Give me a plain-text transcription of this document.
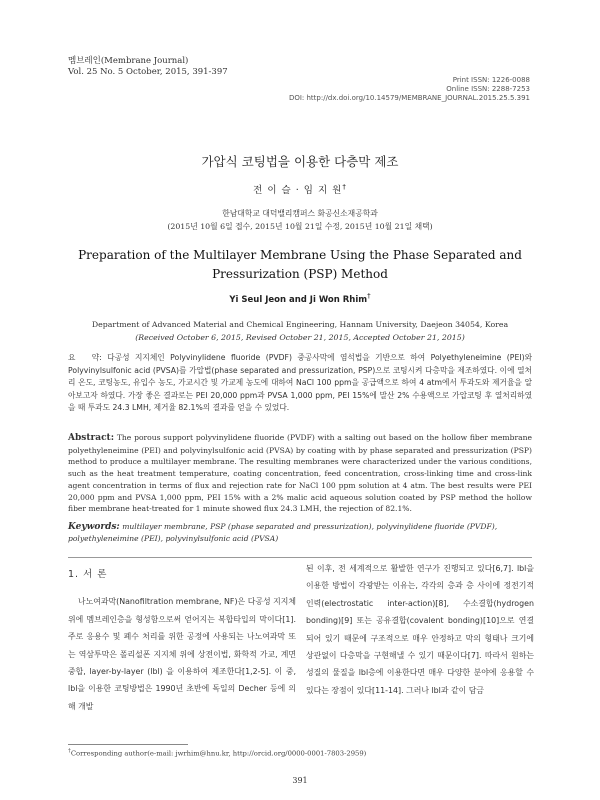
멤브레인(Membrane Journal)
Vol. 25 No. 5 October, 2015, 391-397
Print ISSN: 1226-0088
Online ISSN: 2288-7253
DOI: http://dx.doi.org/10.14579/MEMBRANE_JOURNAL.2015.25.5.391
가압식 코팅법을 이용한 다층막 제조
전 이 슬 · 임 지 원†
한남대학교 대덕밸리캠퍼스 화공신소재공학과
(2015년 10월 6일 접수, 2015년 10월 21일 수정, 2015년 10월 21일 채택)
Preparation of the Multilayer Membrane Using the Phase Separated and
Pressurization (PSP) Method
Yi Seul Jeon and Ji Won Rhim†
Department of Advanced Material and Chemical Engineering, Hannam University, Daejeon 34054, Korea
(Received October 6, 2015, Revised October 21, 2015, Accepted October 21, 2015)
요   약: 다공성 지지체인 Polyvinylidene fluoride (PVDF) 중공사막에 염석법을 기반으로 하여 Polyethyleneimine (PEI)와 Polyvinylsulfonic acid (PVSA)를 가압법(phase separated and pressurization, PSP)으로 코팅시켜 다층막을 제조하였다. 이에 열처리 온도, 코팅농도, 유입수 농도, 가교시간 및 가교제 농도에 대하여 NaCl 100 ppm을 공급액으로 하여 4 atm에서 투과도와 제거율을 알아보고자 하였다. 가장 좋은 결과로는 PEI 20,000 ppm과 PVSA 1,000 ppm, PEI 15%에 말산 2% 수용액으로 가압코팅 후 열처리하였을 때 투과도 24.3 LMH, 제거율 82.1%의 결과를 얻을 수 있었다.
Abstract: The porous support polyvinylidene fluoride (PVDF) with a salting out based on the hollow fiber membrane polyethyleneimine (PEI) and polyvinylsulfonic acid (PVSA) by coating with by phase separated and pressurization (PSP) method to produce a multilayer membrane. The resulting membranes were characterized under the various conditions, such as the heat treatment temperature, coating concentration, feed concentration, cross-linking time and cross-link agent concentration in terms of flux and rejection rate for NaCl 100 ppm solution at 4 atm. The best results were PEI 20,000 ppm and PVSA 1,000 ppm, PEI 15% with a 2% malic acid aqueous solution coated by PSP method the hollow fiber membrane heat-treated for 1 minute showed flux 24.3 LMH, the rejection of 82.1%.
Keywords: multilayer membrane, PSP (phase separated and pressurization), polyvinylidene fluoride (PVDF), polyethyleneimine (PEI), polyvinylsulfonic acid (PVSA)
1. 서 론
나노여과막(Nanofiltration membrane, NF)은 다공성 지지체 위에 멤브레인층을 형성함으로써 얻어지는 복합타입의 막이다[1]. 주로 응용수 및 폐수 처리를 위한 공정에 사용되는 나노여과막 또는 역삼투막은 폴리설폰 지지체 위에 상전이법, 화학적 가교, 계면중합, layer-by-layer (lbl) 을 이용하여 제조한다[1,2-5]. 이 중, lbl을 이용한 코팅방법은 1990년 초반에 독일의 Decher 등에 의해 개발
된 이후, 전 세계적으로 활발한 연구가 진행되고 있다[6,7]. lbl을 이용한 방법이 각광받는 이유는, 각각의 층과 층 사이에 정전기적 인력(electrostatic inter-action)[8], 수소결합(hydrogen bonding)[9] 또는 공유결합(covalent bonding)[10]으로 연결되어 있기 때문에 구조적으로 매우 안정하고 막의 형태나 크기에 상관없이 다층막을 구현해낼 수 있기 때문이다[7]. 따라서 원하는 성질의 물질을 lbl층에 이용한다면 매우 다양한 분야에 응용할 수 있다는 장점이 있다[11-14]. 그러나 lbl과 같이 담금
†Corresponding author(e-mail: jwrhim@hnu.kr, http://orcid.org/0000-0001-7803-2959)
391
